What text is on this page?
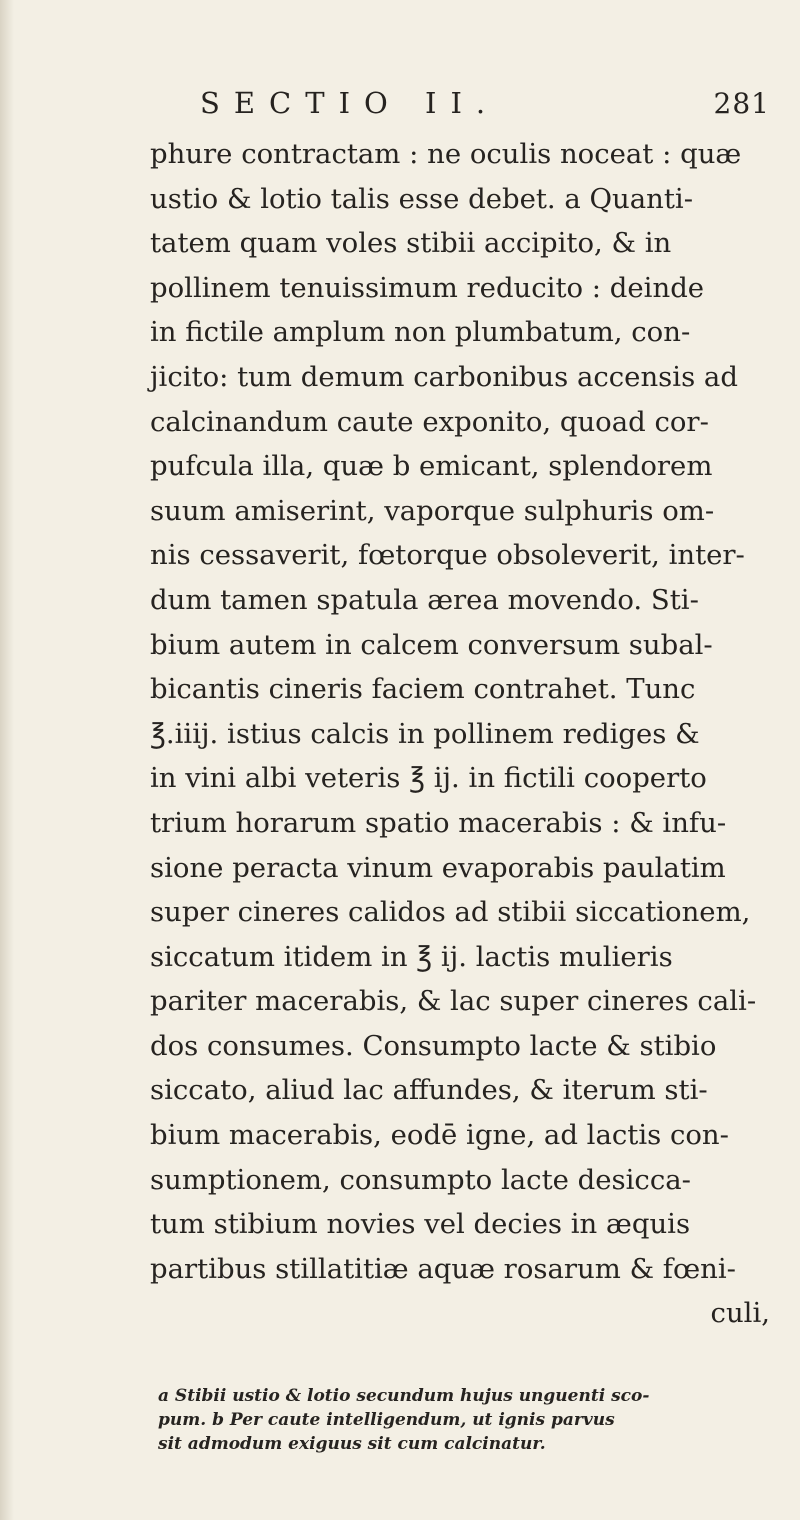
SECTIO II.	281
phure contractam : ne oculis noceat : quæ
ustio & lotio talis esse debet. a Quanti-
tatem quam voles stibii accipito, & in
pollinem tenuissimum reducito : deinde
in fictile amplum non plumbatum, con-
jicito: tum demum carbonibus accensis ad
calcinandum caute exponito, quoad cor-
pufcula illa, quæ b emicant, splendorem
suum amiserint, vaporque sulphuris om-
nis cessaverit, fœtorque obsoleverit, inter-
dum tamen spatula ærea movendo. Sti-
bium autem in calcem conversum subal-
bicantis cineris faciem contrahet. Tunc
℥.iiij. istius calcis in pollinem rediges &
in vini albi veteris ℥ ij. in fictili cooperto
trium horarum spatio macerabis : & infu-
sione peracta vinum evaporabis paulatim
super cineres calidos ad stibii siccationem,
siccatum itidem in ℥ ij. lactis mulieris
pariter macerabis, & lac super cineres cali-
dos consumes. Consumpto lacte & stibio
siccato, aliud lac affundes, & iterum sti-
bium macerabis, eodē igne, ad lactis con-
sumptionem, consumpto lacte desicca-
tum stibium novies vel decies in æquis
partibus stillatitiæ aquæ rosarum & fœni-
culi,
a Stibii ustio & lotio secundum hujus unguenti sco-
pum. b Per caute intelligendum, ut ignis parvus
sit admodum exiguus sit cum calcinatur.
